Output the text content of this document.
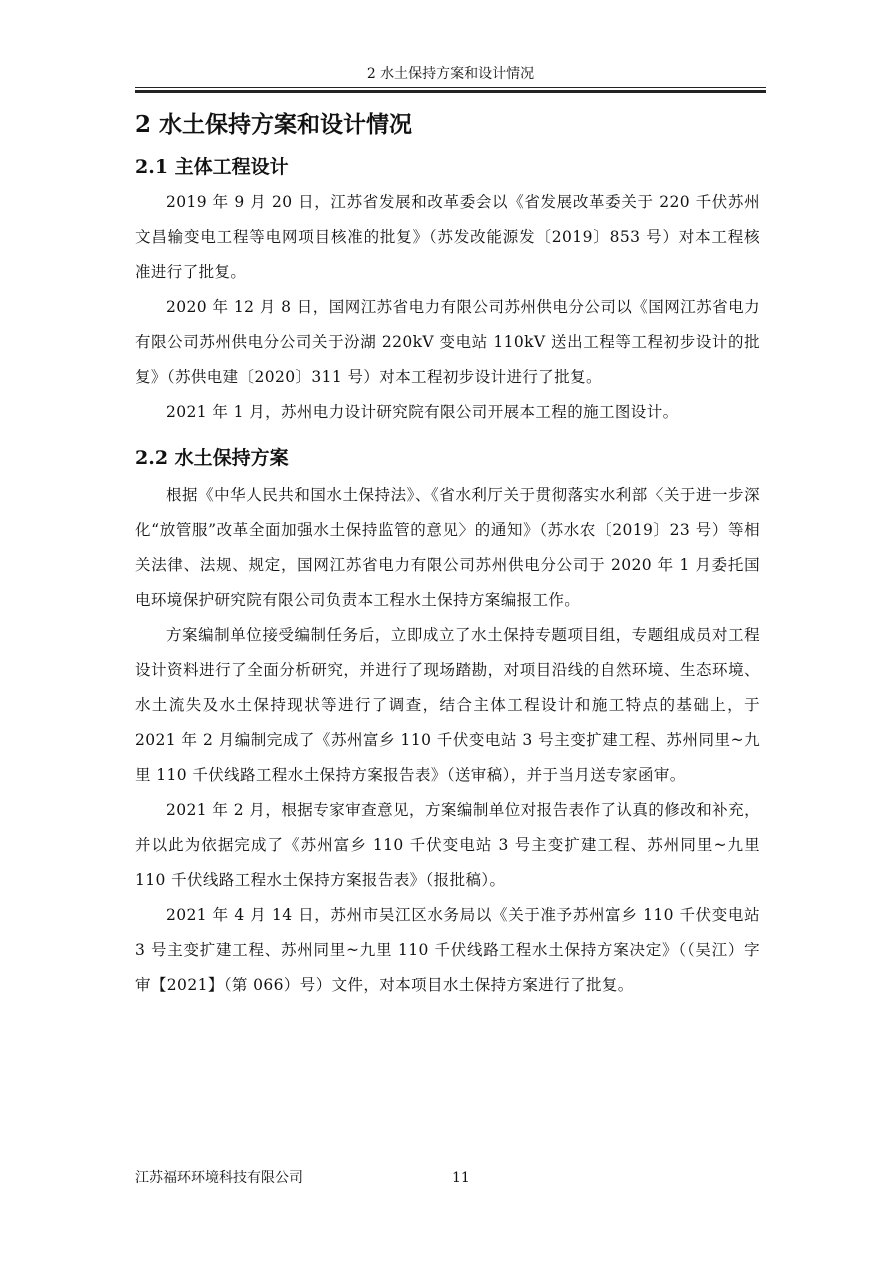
2 水土保持方案和设计情况
2 水土保持方案和设计情况
2.1 主体工程设计

2019 年 9 月 20 日，江苏省发展和改革委会以《省发展改革委关于 220 千伏苏州文昌输变电工程等电网项目核准的批复》（苏发改能源发〔2019〕853 号）对本工程核准进行了批复。

2020 年 12 月 8 日，国网江苏省电力有限公司苏州供电分公司以《国网江苏省电力有限公司苏州供电分公司关于汾湖 220kV 变电站 110kV 送出工程等工程初步设计的批复》（苏供电建〔2020〕311 号）对本工程初步设计进行了批复。

2021 年 1 月，苏州电力设计研究院有限公司开展本工程的施工图设计。

2.2 水土保持方案

根据《中华人民共和国水土保持法》、《省水利厅关于贯彻落实水利部〈关于进一步深化“放管服”改革全面加强水土保持监管的意见〉的通知》（苏水农〔2019〕23 号）等相关法律、法规、规定，国网江苏省电力有限公司苏州供电分公司于 2020 年 1 月委托国电环境保护研究院有限公司负责本工程水土保持方案编报工作。

方案编制单位接受编制任务后，立即成立了水土保持专题项目组，专题组成员对工程设计资料进行了全面分析研究，并进行了现场踏勘，对项目沿线的自然环境、生态环境、水土流失及水土保持现状等进行了调查，结合主体工程设计和施工特点的基础上，于 2021 年 2 月编制完成了《苏州富乡 110 千伏变电站 3 号主变扩建工程、苏州同里~九里 110 千伏线路工程水土保持方案报告表》（送审稿），并于当月送专家函审。

2021 年 2 月，根据专家审查意见，方案编制单位对报告表作了认真的修改和补充，并以此为依据完成了《苏州富乡 110 千伏变电站 3 号主变扩建工程、苏州同里~九里 110 千伏线路工程水土保持方案报告表》（报批稿）。

2021 年 4 月 14 日，苏州市吴江区水务局以《关于准予苏州富乡 110 千伏变电站 3 号主变扩建工程、苏州同里~九里 110 千伏线路工程水土保持方案决定》（（吴江）字审【2021】（第 066）号）文件，对本项目水土保持方案进行了批复。

江苏福环环境科技有限公司	11
